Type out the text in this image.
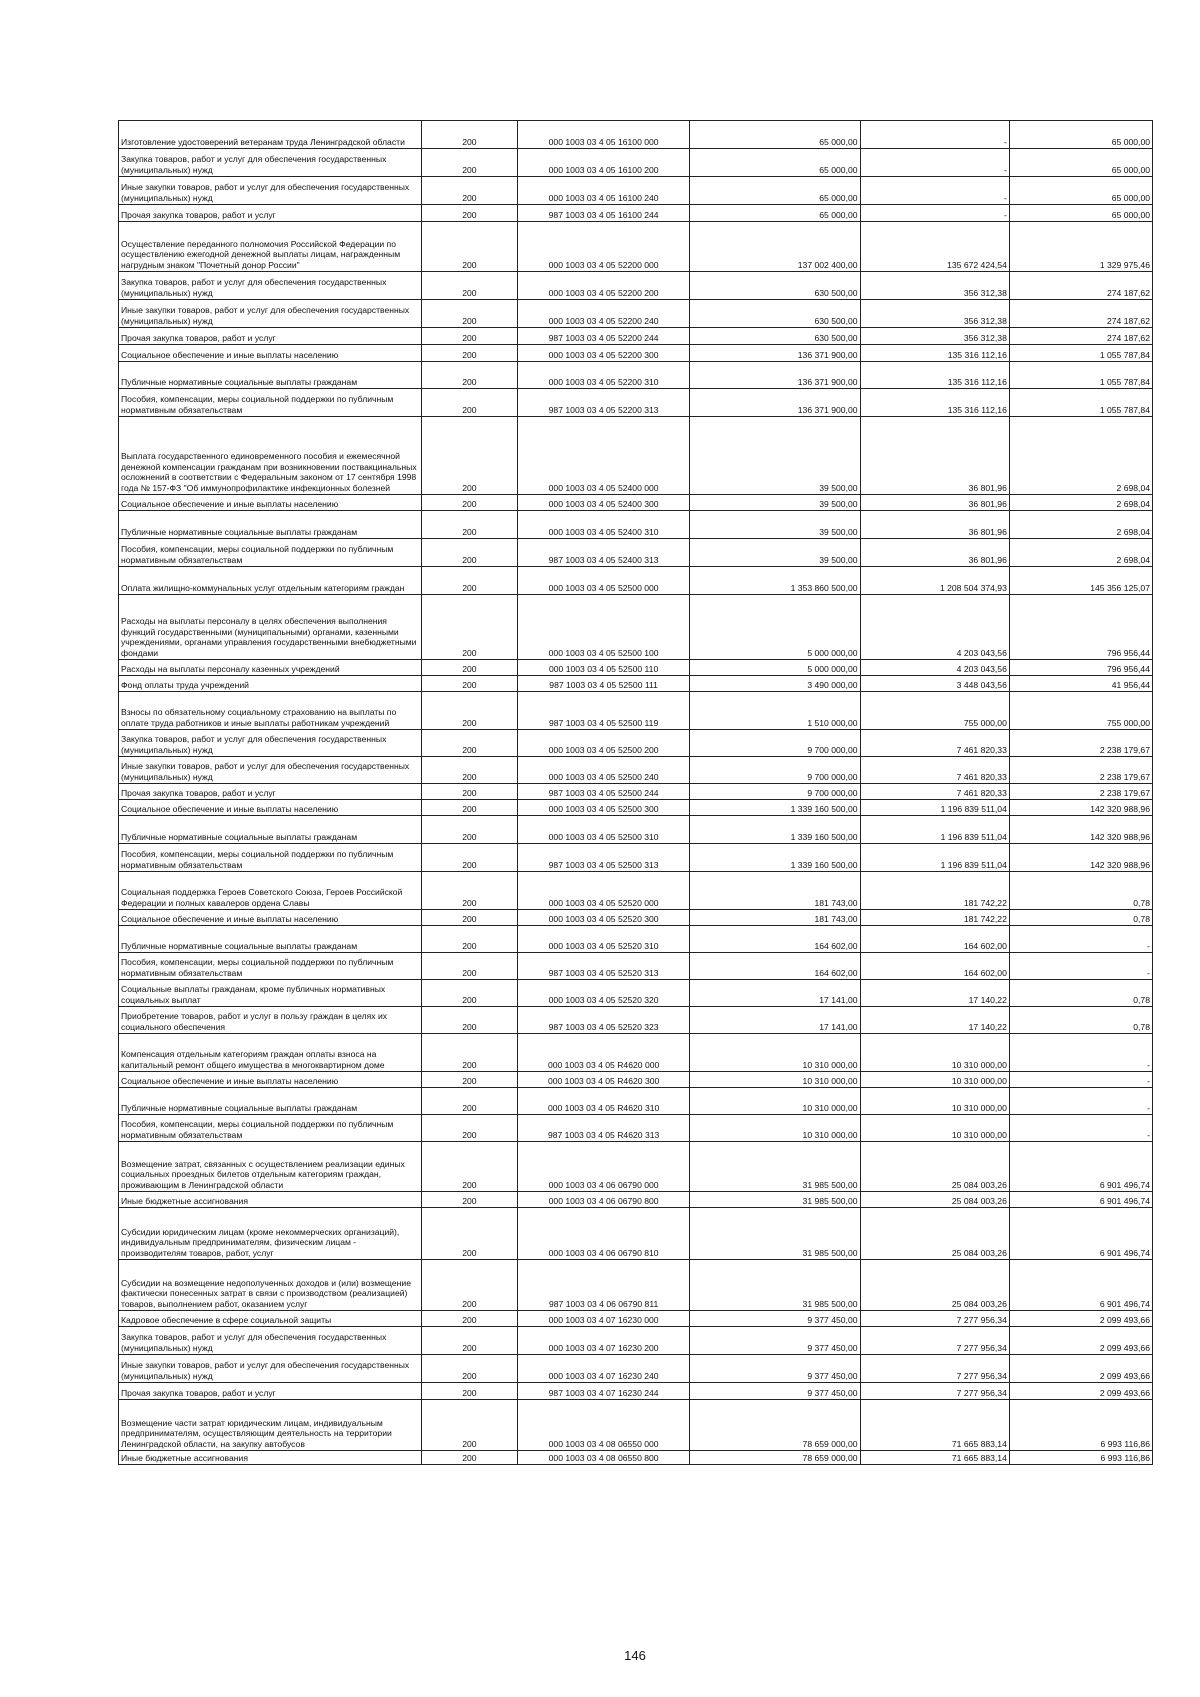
Изготовление удостоверений ветеранам труда Ленинградской области	200	000 1003 03 4 05 16100 000	65 000,00	-	65 000,00
Закупка товаров, работ и услуг для обеспечения государственных (муниципальных) нужд	200	000 1003 03 4 05 16100 200	65 000,00	-	65 000,00
Иные закупки товаров, работ и услуг для обеспечения государственных (муниципальных) нужд	200	000 1003 03 4 05 16100 240	65 000,00	-	65 000,00
Прочая закупка товаров, работ и услуг	200	987 1003 03 4 05 16100 244	65 000,00	-	65 000,00
Осуществление переданного полномочия Российской Федерации по осуществлению ежегодной денежной выплаты лицам, награжденным нагрудным знаком "Почетный донор России"	200	000 1003 03 4 05 52200 000	137 002 400,00	135 672 424,54	1 329 975,46
Закупка товаров, работ и услуг для обеспечения государственных (муниципальных) нужд	200	000 1003 03 4 05 52200 200	630 500,00	356 312,38	274 187,62
Иные закупки товаров, работ и услуг для обеспечения государственных (муниципальных) нужд	200	000 1003 03 4 05 52200 240	630 500,00	356 312,38	274 187,62
Прочая закупка товаров, работ и услуг	200	987 1003 03 4 05 52200 244	630 500,00	356 312,38	274 187,62
Социальное обеспечение и иные выплаты населению	200	000 1003 03 4 05 52200 300	136 371 900,00	135 316 112,16	1 055 787,84
Публичные нормативные социальные выплаты гражданам	200	000 1003 03 4 05 52200 310	136 371 900,00	135 316 112,16	1 055 787,84
Пособия, компенсации, меры социальной поддержки по публичным нормативным обязательствам	200	987 1003 03 4 05 52200 313	136 371 900,00	135 316 112,16	1 055 787,84
Выплата государственного единовременного пособия и ежемесячной денежной компенсации гражданам при возникновении поствакцинальных осложнений в соответствии с Федеральным законом от 17 сентября 1998 года № 157-ФЗ "Об иммунопрофилактике инфекционных болезней	200	000 1003 03 4 05 52400 000	39 500,00	36 801,96	2 698,04
Социальное обеспечение и иные выплаты населению	200	000 1003 03 4 05 52400 300	39 500,00	36 801,96	2 698,04
Публичные нормативные социальные выплаты гражданам	200	000 1003 03 4 05 52400 310	39 500,00	36 801,96	2 698,04
Пособия, компенсации, меры социальной поддержки по публичным нормативным обязательствам	200	987 1003 03 4 05 52400 313	39 500,00	36 801,96	2 698,04
Оплата жилищно-коммунальных услуг отдельным категориям граждан	200	000 1003 03 4 05 52500 000	1 353 860 500,00	1 208 504 374,93	145 356 125,07
Расходы на выплаты персоналу в целях обеспечения выполнения функций государственными (муниципальными) органами, казенными учреждениями, органами управления государственными внебюджетными фондами	200	000 1003 03 4 05 52500 100	5 000 000,00	4 203 043,56	796 956,44
Расходы на выплаты персоналу казенных учреждений	200	000 1003 03 4 05 52500 110	5 000 000,00	4 203 043,56	796 956,44
Фонд оплаты труда учреждений	200	987 1003 03 4 05 52500 111	3 490 000,00	3 448 043,56	41 956,44
Взносы по обязательному социальному страхованию на выплаты по оплате труда работников и иные выплаты работникам учреждений	200	987 1003 03 4 05 52500 119	1 510 000,00	755 000,00	755 000,00
Закупка товаров, работ и услуг для обеспечения государственных (муниципальных) нужд	200	000 1003 03 4 05 52500 200	9 700 000,00	7 461 820,33	2 238 179,67
Иные закупки товаров, работ и услуг для обеспечения государственных (муниципальных) нужд	200	000 1003 03 4 05 52500 240	9 700 000,00	7 461 820,33	2 238 179,67
Прочая закупка товаров, работ и услуг	200	987 1003 03 4 05 52500 244	9 700 000,00	7 461 820,33	2 238 179,67
Социальное обеспечение и иные выплаты населению	200	000 1003 03 4 05 52500 300	1 339 160 500,00	1 196 839 511,04	142 320 988,96
Публичные нормативные социальные выплаты гражданам	200	000 1003 03 4 05 52500 310	1 339 160 500,00	1 196 839 511,04	142 320 988,96
Пособия, компенсации, меры социальной поддержки по публичным нормативным обязательствам	200	987 1003 03 4 05 52500 313	1 339 160 500,00	1 196 839 511,04	142 320 988,96
Социальная поддержка Героев Советского Союза, Героев Российской Федерации и полных кавалеров ордена Славы	200	000 1003 03 4 05 52520 000	181 743,00	181 742,22	0,78
Социальное обеспечение и иные выплаты населению	200	000 1003 03 4 05 52520 300	181 743,00	181 742,22	0,78
Публичные нормативные социальные выплаты гражданам	200	000 1003 03 4 05 52520 310	164 602,00	164 602,00	-
Пособия, компенсации, меры социальной поддержки по публичным нормативным обязательствам	200	987 1003 03 4 05 52520 313	164 602,00	164 602,00	-
Социальные выплаты гражданам, кроме публичных нормативных социальных выплат	200	000 1003 03 4 05 52520 320	17 141,00	17 140,22	0,78
Приобретение товаров, работ и услуг в пользу граждан в целях их социального обеспечения	200	987 1003 03 4 05 52520 323	17 141,00	17 140,22	0,78
Компенсация отдельным категориям граждан оплаты взноса на капитальный ремонт общего имущества в многоквартирном доме	200	000 1003 03 4 05 R4620 000	10 310 000,00	10 310 000,00	-
Социальное обеспечение и иные выплаты населению	200	000 1003 03 4 05 R4620 300	10 310 000,00	10 310 000,00	-
Публичные нормативные социальные выплаты гражданам	200	000 1003 03 4 05 R4620 310	10 310 000,00	10 310 000,00	-
Пособия, компенсации, меры социальной поддержки по публичным нормативным обязательствам	200	987 1003 03 4 05 R4620 313	10 310 000,00	10 310 000,00	-
Возмещение затрат, связанных с осуществлением реализации единых социальных проездных билетов отдельным категориям граждан, проживающим в Ленинградской области	200	000 1003 03 4 06 06790 000	31 985 500,00	25 084 003,26	6 901 496,74
Иные бюджетные ассигнования	200	000 1003 03 4 06 06790 800	31 985 500,00	25 084 003,26	6 901 496,74
Субсидии юридическим лицам (кроме некоммерческих организаций), индивидуальным предпринимателям, физическим лицам - производителям товаров, работ, услуг	200	000 1003 03 4 06 06790 810	31 985 500,00	25 084 003,26	6 901 496,74
Субсидии на возмещение недополученных доходов и (или) возмещение фактически понесенных затрат в связи с производством (реализацией) товаров, выполнением работ, оказанием услуг	200	987 1003 03 4 06 06790 811	31 985 500,00	25 084 003,26	6 901 496,74
Кадровое обеспечение в сфере социальной защиты	200	000 1003 03 4 07 16230 000	9 377 450,00	7 277 956,34	2 099 493,66
Закупка товаров, работ и услуг для обеспечения государственных (муниципальных) нужд	200	000 1003 03 4 07 16230 200	9 377 450,00	7 277 956,34	2 099 493,66
Иные закупки товаров, работ и услуг для обеспечения государственных (муниципальных) нужд	200	000 1003 03 4 07 16230 240	9 377 450,00	7 277 956,34	2 099 493,66
Прочая закупка товаров, работ и услуг	200	987 1003 03 4 07 16230 244	9 377 450,00	7 277 956,34	2 099 493,66
Возмещение части затрат юридическим лицам, индивидуальным предпринимателям, осуществляющим деятельность на территории Ленинградской области, на закупку автобусов	200	000 1003 03 4 08 06550 000	78 659 000,00	71 665 883,14	6 993 116,86
Иные бюджетные ассигнования	200	000 1003 03 4 08 06550 800	78 659 000,00	71 665 883,14	6 993 116,86
146
